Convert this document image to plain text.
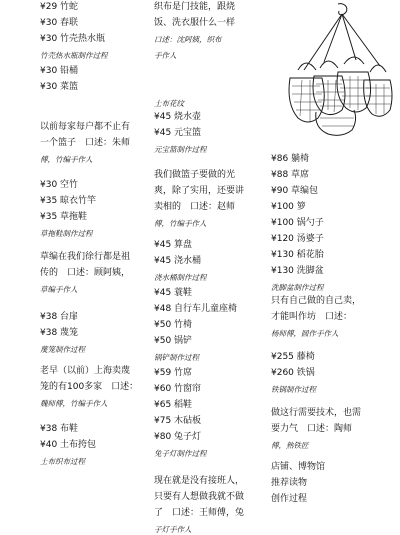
¥29 竹蛇
¥30 春联
¥30 竹壳热水瓶
竹壳热水瓶制作过程
¥30 铅桶
¥30 菜篮
以前每家每户都不止有
一个篮子　口述：朱师
傅，竹编手作人
¥30 空竹
¥35 晾衣竹竿
¥35 草拖鞋
草拖鞋制作过程
草编在我们徐行都是祖
传的　口述：顾阿姨，
草编手作人
¥38 台扉
¥38 蔑笼
蔑笼制作过程
老早（以前）上海卖蔑
笼的有100多家　口述：
魏师傅，竹编手作人
¥38 布鞋
¥40 土布挎包
土布织布过程
织布是门技能，跟烧
饭、洗衣服什么一样
口述：沈阿姨，织布
手作人
土布花纹
¥45 烧水壶
¥45 元宝篮
元宝篮制作过程
我们做篮子要做的光
爽，除了实用，还要讲
卖相的　口述：赵师
傅，竹编手作人
¥45 算盘
¥45 浇水桶
浇水桶制作过程
¥45 蓑鞋
¥48 自行车儿童座椅
¥50 竹椅
¥50 锅铲
锅铲制作过程
¥59 竹席
¥60 竹窗帘
¥65 稻鞋
¥75 木砧板
¥80 兔子灯
兔子灯制作过程
现在就是没有接班人，
只要有人想做我就不做
了　口述：王师傅，兔
子灯手作人
¥86 躺椅
¥88 草席
¥90 草编包
¥100 箩
¥100 锅勺子
¥120 汤婆子
¥130 稻花胎
¥130 洗脚盆
洗脚盆制作过程
只有自己做的自己卖，
才能叫作坊　口述：
杨师傅，圆作手作人
¥255 藤椅
¥260 铁锅
铁锅制作过程
做这行需要技术，也需
要力气　口述：陶师
傅，熟铁匠
店铺、博物馆
推荐读物
创作过程
